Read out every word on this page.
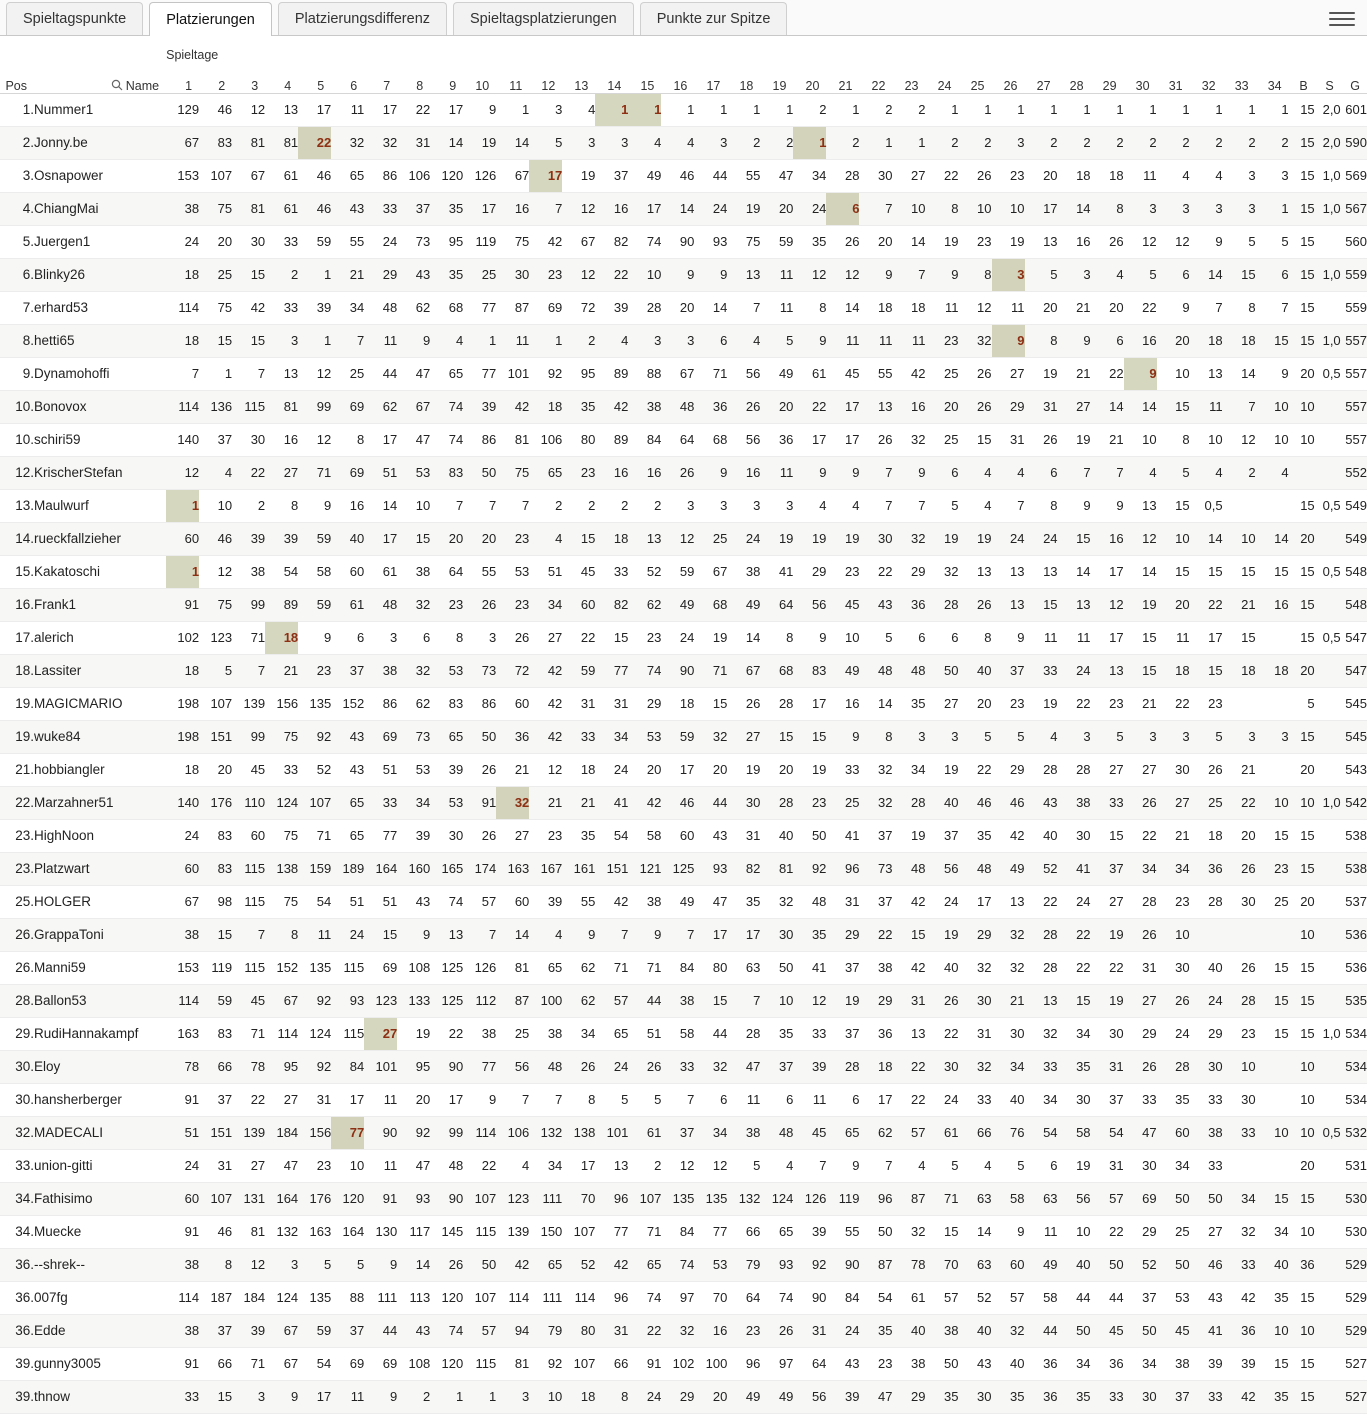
Spieltagspunkte	Platzierungen	Platzierungsdifferenz	Spieltagsplatzierungen	Punkte zur Spitze
		Spieltage																																				
Pos	Name	1	2	3	4	5	6	7	8	9	10	11	12	13	14	15	16	17	18	19	20	21	22	23	24	25	26	27	28	29	30	31	32	33	34	B	S	G
1.	Nummer1	129	46	12	13	17	11	17	22	17	9	1	3	4	1	1	1	1	1	1	2	1	2	2	1	1	1	1	1	1	1	1	1	1	1	15	2,0	601
2.	Jonny.be	67	83	81	81	22	32	32	31	14	19	14	5	3	3	4	4	3	2	2	1	2	1	1	2	2	3	2	2	2	2	2	2	2	2	15	2,0	590
3.	Osnapower	153	107	67	61	46	65	86	106	120	126	67	17	19	37	49	46	44	55	47	34	28	30	27	22	26	23	20	18	18	11	4	4	3	3	15	1,0	569
4.	ChiangMai	38	75	81	61	46	43	33	37	35	17	16	7	12	16	17	14	24	19	20	24	6	7	10	8	10	10	17	14	8	3	3	3	3	1	15	1,0	567
5.	Juergen1	24	20	30	33	59	55	24	73	95	119	75	42	67	82	74	90	93	75	59	35	26	20	14	19	23	19	13	16	26	12	12	9	5	5	15		560
6.	Blinky26	18	25	15	2	1	21	29	43	35	25	30	23	12	22	10	9	9	13	11	12	12	9	7	9	8	3	5	3	4	5	6	14	15	6	15	1,0	559
7.	erhard53	114	75	42	33	39	34	48	62	68	77	87	69	72	39	28	20	14	7	11	8	14	18	18	11	12	11	20	21	20	22	9	7	8	7	15		559
8.	hetti65	18	15	15	3	1	7	11	9	4	1	11	1	2	4	3	3	6	4	5	9	11	11	11	23	32	9	8	9	6	16	20	18	18	15	15	1,0	557
9.	Dynamohoffi	7	1	7	13	12	25	44	47	65	77	101	92	95	89	88	67	71	56	49	61	45	55	42	25	26	27	19	21	22	9	10	13	14	9	20	0,5	557
10.	Bonovox	114	136	115	81	99	69	62	67	74	39	42	18	35	42	38	48	36	26	20	22	17	13	16	20	26	29	31	27	14	14	15	11	7	10	10		557
10.	schiri59	140	37	30	16	12	8	17	47	74	86	81	106	80	89	84	64	68	56	36	17	17	26	32	25	15	31	26	19	21	10	8	10	12	10	10		557
12.	KrischerStefan	12	4	22	27	71	69	51	53	83	50	75	65	23	16	16	26	9	16	11	9	9	7	9	6	4	4	6	7	7	4	5	4	2	4			552
13.	Maulwurf	1	10	2	8	9	16	14	10	7	7	7	2	2	2	2	3	3	3	3	4	4	7	7	5	4	7	8	9	9	13	15	0,5			15	0,5	549
14.	rueckfallzieher	60	46	39	39	59	40	17	15	20	20	23	4	15	18	13	12	25	24	19	19	19	30	32	19	19	24	24	15	16	12	10	14	10	14	20		549
15.	Kakatoschi	1	12	38	54	58	60	61	38	64	55	53	51	45	33	52	59	67	38	41	29	23	22	29	32	13	13	13	14	17	14	15	15	15	15	15	0,5	548
16.	Frank1	91	75	99	89	59	61	48	32	23	26	23	34	60	82	62	49	68	49	64	56	45	43	36	28	26	13	15	13	12	19	20	22	21	16	15		548
17.	alerich	102	123	71	18	9	6	3	6	8	3	26	27	22	15	23	24	19	14	8	9	10	5	6	6	8	9	11	11	17	15	11	17	15		15	0,5	547
18.	Lassiter	18	5	7	21	23	37	38	32	53	73	72	42	59	77	74	90	71	67	68	83	49	48	48	50	40	37	33	24	13	15	18	15	18	18	20		547
19.	MAGICMARIO	198	107	139	156	135	152	86	62	83	86	60	42	31	31	29	18	15	26	28	17	16	14	35	27	20	23	19	22	23	21	22	23			5		545
19.	wuke84	198	151	99	75	92	43	69	73	65	50	36	42	33	34	53	59	32	27	15	15	9	8	3	3	5	5	4	3	5	3	3	5	3	3	15		545
21.	hobbiangler	18	20	45	33	52	43	51	53	39	26	21	12	18	24	20	17	20	19	20	19	33	32	34	19	22	29	28	28	27	27	30	26	21		20		543
22.	Marzahner51	140	176	110	124	107	65	33	34	53	91	32	21	21	41	42	46	44	30	28	23	25	32	28	40	46	46	43	38	33	26	27	25	22	10	10	1,0	542
23.	HighNoon	24	83	60	75	71	65	77	39	30	26	27	23	35	54	58	60	43	31	40	50	41	37	19	37	35	42	40	30	15	22	21	18	20	15	15		538
23.	Platzwart	60	83	115	138	159	189	164	160	165	174	163	167	161	151	121	125	93	82	81	92	96	73	48	56	48	49	52	41	37	34	34	36	26	23	15		538
25.	HOLGER	67	98	115	75	54	51	51	43	74	57	60	39	55	42	38	49	47	35	32	48	31	37	42	24	17	13	22	24	27	28	23	28	30	25	20		537
26.	GrappaToni	38	15	7	8	11	24	15	9	13	7	14	4	9	7	9	7	17	17	30	35	29	22	15	19	29	32	28	22	19	26	10				10		536
26.	Manni59	153	119	115	152	135	115	69	108	125	126	81	65	62	71	71	84	80	63	50	41	37	38	42	40	32	32	28	22	22	31	30	40	26	15	15		536
28.	Ballon53	114	59	45	67	92	93	123	133	125	112	87	100	62	57	44	38	15	7	10	12	19	29	31	26	30	21	13	15	19	27	26	24	28	15	15		535
29.	RudiHannakampf	163	83	71	114	124	115	27	19	22	38	25	38	34	65	51	58	44	28	35	33	37	36	13	22	31	30	32	34	30	29	24	29	23	15	15	1,0	534
30.	Eloy	78	66	78	95	92	84	101	95	90	77	56	48	26	24	26	33	32	47	37	39	28	18	22	30	32	34	33	35	31	26	28	30	10		10		534
30.	hansherberger	91	37	22	27	31	17	11	20	17	9	7	7	8	5	5	7	6	11	6	11	6	17	22	24	33	40	34	30	37	33	35	33	30		10		534
32.	MADECALI	51	151	139	184	156	77	90	92	99	114	106	132	138	101	61	37	34	38	48	45	65	62	57	61	66	76	54	58	54	47	60	38	33	10	10	0,5	532
33.	union-gitti	24	31	27	47	23	10	11	47	48	22	4	34	17	13	2	12	12	5	4	7	9	7	4	5	4	5	6	19	31	30	34	33			20		531
34.	Fathisimo	60	107	131	164	176	120	91	93	90	107	123	111	70	96	107	135	135	132	124	126	119	96	87	71	63	58	63	56	57	69	50	50	34	15	15		530
34.	Muecke	91	46	81	132	163	164	130	117	145	115	139	150	107	77	71	84	77	66	65	39	55	50	32	15	14	9	11	10	22	29	25	27	32	34	10		530
36.	--shrek--	38	8	12	3	5	5	9	14	26	50	42	65	52	42	65	74	53	79	93	92	90	87	78	70	63	60	49	40	50	52	50	46	33	40	36		529
36.	007fg	114	187	184	124	135	88	111	113	120	107	114	111	114	96	74	97	70	64	74	90	84	54	61	57	52	57	58	44	44	37	53	43	42	35	15		529
36.	Edde	38	37	39	67	59	37	44	43	74	57	94	79	80	31	22	32	16	23	26	31	24	35	40	38	40	32	44	50	45	50	45	41	36	10	10		529
39.	gunny3005	91	66	71	67	54	69	69	108	120	115	81	92	107	66	91	102	100	96	97	64	43	23	38	50	43	40	36	34	36	34	38	39	39	15	15		527
39.	thnow	33	15	3	9	17	11	9	2	1	1	3	10	18	8	24	29	20	49	49	56	39	47	29	35	30	35	36	35	33	30	37	33	42	35	15		527
